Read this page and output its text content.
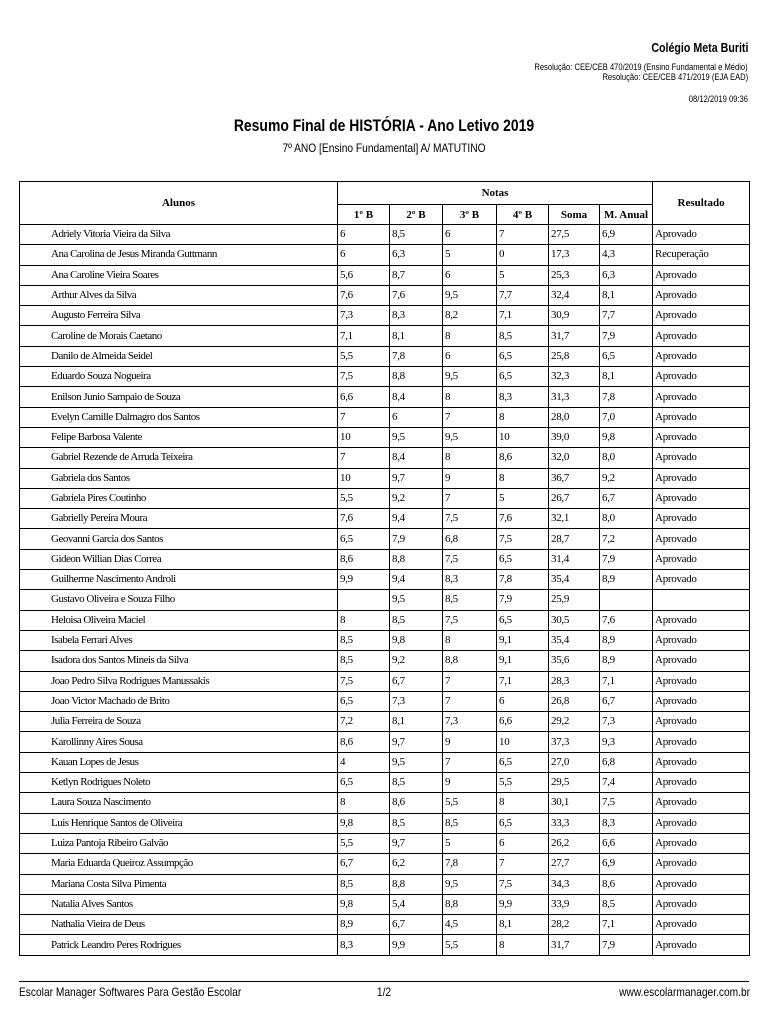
Colégio Meta Buriti
Resolução: CEE/CEB 470/2019 (Ensino Fundamental e Médio)
Resolução: CEE/CEB 471/2019 (EJA EAD)
08/12/2019 09:36
Resumo Final de HISTÓRIA - Ano Letivo 2019
7º ANO [Ensino Fundamental] A/ MATUTINO
Alunos	Notas						Resultado
	1º B	2º B	3º B	4º B	Soma	M. Anual	
Adriely Vitoria Vieira da Silva	6	8,5	6	7	27,5	6,9	Aprovado
Ana Carolina de Jesus Miranda Guttmann	6	6,3	5	0	17,3	4,3	Recuperação
Ana Caroline Vieira Soares	5,6	8,7	6	5	25,3	6,3	Aprovado
Arthur Alves da Silva	7,6	7,6	9,5	7,7	32,4	8,1	Aprovado
Augusto Ferreira Silva	7,3	8,3	8,2	7,1	30,9	7,7	Aprovado
Caroline de Morais Caetano	7,1	8,1	8	8,5	31,7	7,9	Aprovado
Danilo de Almeida Seidel	5,5	7,8	6	6,5	25,8	6,5	Aprovado
Eduardo Souza Nogueira	7,5	8,8	9,5	6,5	32,3	8,1	Aprovado
Enilson Junio Sampaio de Souza	6,6	8,4	8	8,3	31,3	7,8	Aprovado
Evelyn Camille Dalmagro dos Santos	7	6	7	8	28,0	7,0	Aprovado
Felipe Barbosa Valente	10	9,5	9,5	10	39,0	9,8	Aprovado
Gabriel Rezende de Arruda Teixeira	7	8,4	8	8,6	32,0	8,0	Aprovado
Gabriela dos Santos	10	9,7	9	8	36,7	9,2	Aprovado
Gabriela Pires Coutinho	5,5	9,2	7	5	26,7	6,7	Aprovado
Gabrielly Pereira Moura	7,6	9,4	7,5	7,6	32,1	8,0	Aprovado
Geovanni Garcia dos Santos	6,5	7,9	6,8	7,5	28,7	7,2	Aprovado
Gideon Willian Dias Correa	8,6	8,8	7,5	6,5	31,4	7,9	Aprovado
Guilherme Nascimento Androli	9,9	9,4	8,3	7,8	35,4	8,9	Aprovado
Gustavo Oliveira e Souza Filho		9,5	8,5	7,9	25,9		
Heloisa Oliveira Maciel	8	8,5	7,5	6,5	30,5	7,6	Aprovado
Isabela Ferrari Alves	8,5	9,8	8	9,1	35,4	8,9	Aprovado
Isadora dos Santos Mineis da Silva	8,5	9,2	8,8	9,1	35,6	8,9	Aprovado
Joao Pedro Silva Rodrigues Manussakis	7,5	6,7	7	7,1	28,3	7,1	Aprovado
Joao Victor Machado de Brito	6,5	7,3	7	6	26,8	6,7	Aprovado
Julia Ferreira de Souza	7,2	8,1	7,3	6,6	29,2	7,3	Aprovado
Karollinny Aires Sousa	8,6	9,7	9	10	37,3	9,3	Aprovado
Kauan Lopes de Jesus	4	9,5	7	6,5	27,0	6,8	Aprovado
Ketlyn Rodrigues Noleto	6,5	8,5	9	5,5	29,5	7,4	Aprovado
Laura Souza Nascimento	8	8,6	5,5	8	30,1	7,5	Aprovado
Luis Henrique Santos de Oliveira	9,8	8,5	8,5	6,5	33,3	8,3	Aprovado
Luiza Pantoja Ribeiro Galvão	5,5	9,7	5	6	26,2	6,6	Aprovado
Maria Eduarda Queiroz Assumpção	6,7	6,2	7,8	7	27,7	6,9	Aprovado
Mariana Costa Silva Pimenta	8,5	8,8	9,5	7,5	34,3	8,6	Aprovado
Natalia Alves Santos	9,8	5,4	8,8	9,9	33,9	8,5	Aprovado
Nathalia Vieira de Deus	8,9	6,7	4,5	8,1	28,2	7,1	Aprovado
Patrick Leandro Peres Rodrigues	8,3	9,9	5,5	8	31,7	7,9	Aprovado
Escolar Manager Softwares Para Gestão Escolar	1/2	www.escolarmanager.com.br
